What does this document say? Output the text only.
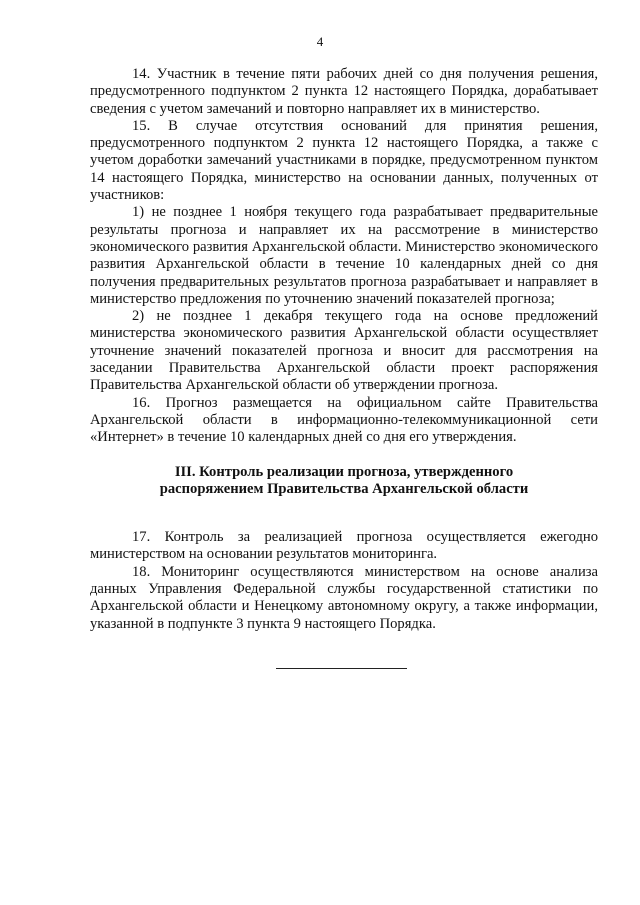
4

14. Участник в течение пяти рабочих дней со дня получения решения, предусмотренного подпунктом 2 пункта 12 настоящего Порядка, дорабатывает сведения с учетом замечаний и повторно направляет их в министерство.

15. В случае отсутствия оснований для принятия решения, предусмотренного подпунктом 2 пункта 12 настоящего Порядка, а также с учетом доработки замечаний участниками в порядке, предусмотренном пунктом 14 настоящего Порядка, министерство на основании данных, полученных от участников:

1) не позднее 1 ноября текущего года разрабатывает предварительные результаты прогноза и направляет их на рассмотрение в министерство экономического развития Архангельской области. Министерство экономического развития Архангельской области в течение 10 календарных дней со дня получения предварительных результатов прогноза разрабатывает и направляет в министерство предложения по уточнению значений показателей прогноза;

2) не позднее 1 декабря текущего года на основе предложений министерства экономического развития Архангельской области осуществляет уточнение значений показателей прогноза и вносит для рассмотрения на заседании Правительства Архангельской области проект распоряжения Правительства Архангельской области об утверждении прогноза.

16. Прогноз размещается на официальном сайте Правительства Архангельской области в информационно-телекоммуникационной сети «Интернет» в течение 10 календарных дней со дня его утверждения.

III. Контроль реализации прогноза, утвержденного
распоряжением Правительства Архангельской области

17. Контроль за реализацией прогноза осуществляется ежегодно министерством на основании результатов мониторинга.

18. Мониторинг осуществляются министерством на основе анализа данных Управления Федеральной службы государственной статистики по Архангельской области и Ненецкому автономному округу, а также информации, указанной в подпункте 3 пункта 9 настоящего Порядка.
